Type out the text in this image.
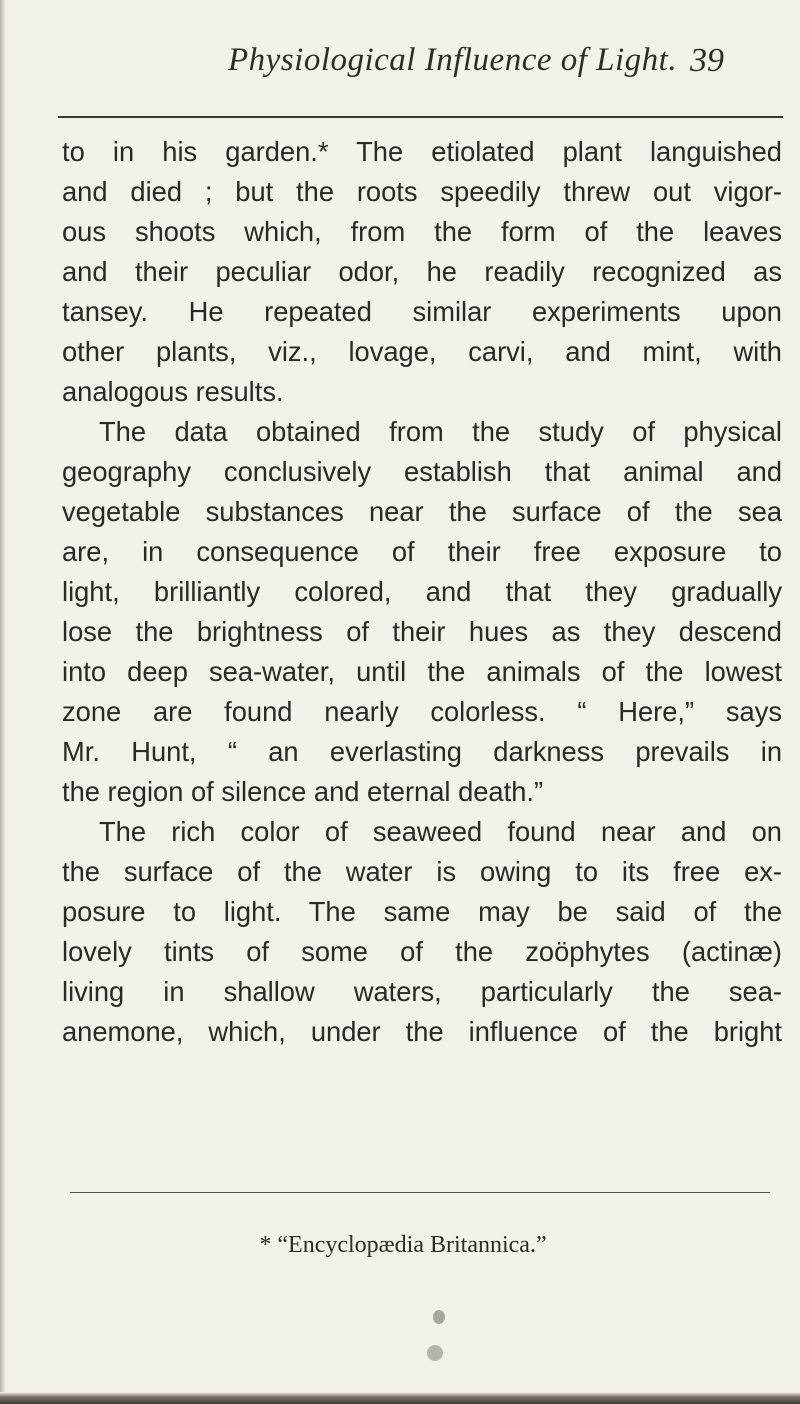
Physiological Influence of Light. 39
to in his garden.* The etiolated plant languished
and died ; but the roots speedily threw out vigor-
ous shoots which, from the form of the leaves
and their peculiar odor, he readily recognized as
tansey. He repeated similar experiments upon
other plants, viz., lovage, carvi, and mint, with
analogous results.
The data obtained from the study of physical
geography conclusively establish that animal and
vegetable substances near the surface of the sea
are, in consequence of their free exposure to
light, brilliantly colored, and that they gradually
lose the brightness of their hues as they descend
into deep sea-water, until the animals of the lowest
zone are found nearly colorless. “ Here,” says
Mr. Hunt, “ an everlasting darkness prevails in
the region of silence and eternal death.”
The rich color of seaweed found near and on
the surface of the water is owing to its free ex-
posure to light. The same may be said of the
lovely tints of some of the zoöphytes (actinæ)
living in shallow waters, particularly the sea-
anemone, which, under the influence of the bright
* “Encyclopædia Britannica.”
